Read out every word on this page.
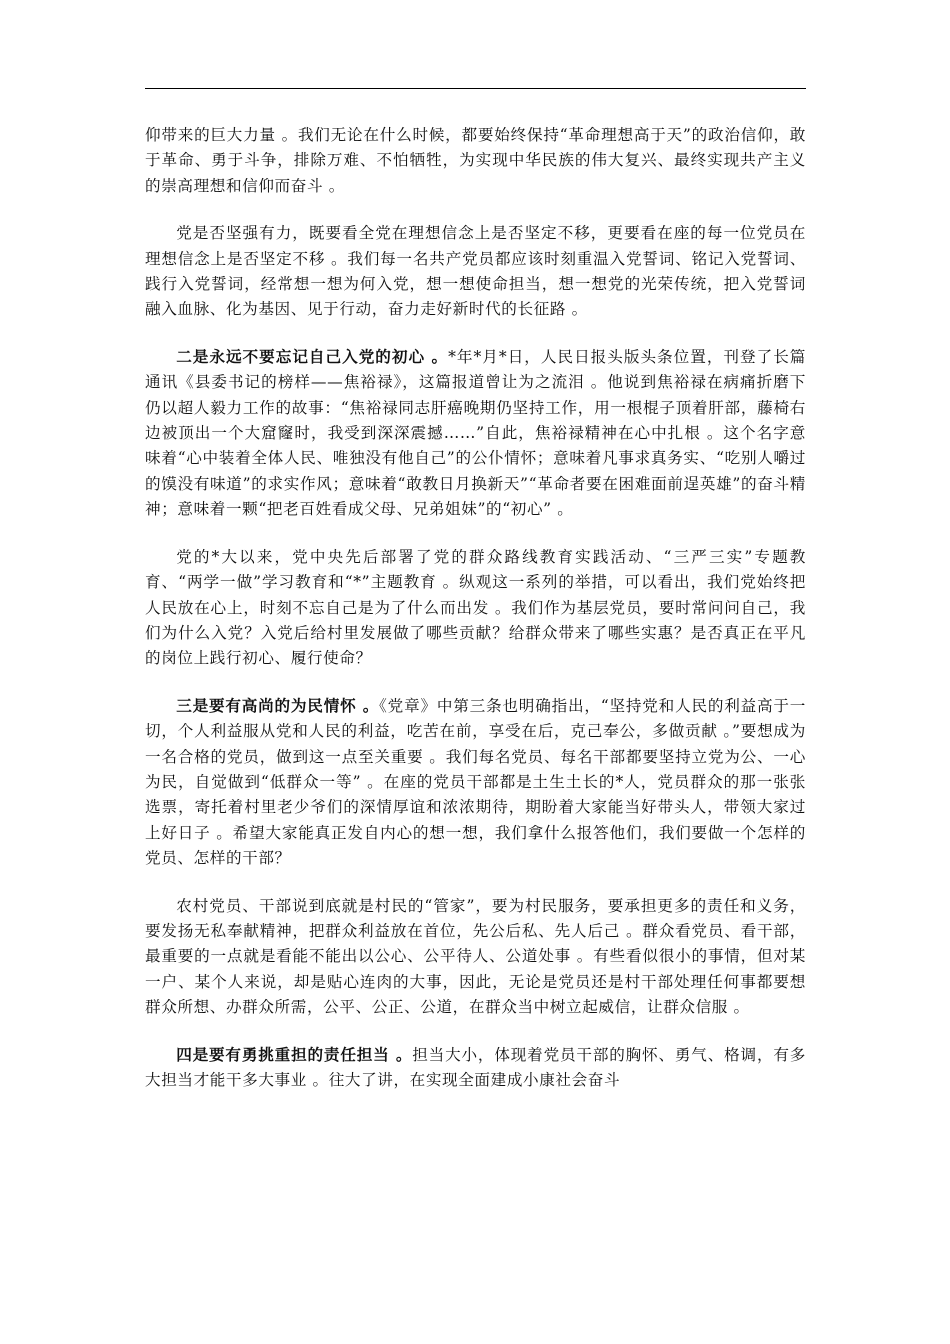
仰带来的巨大力量 。我们无论在什么时候，都要始终保持“革命理想高于天”的政治信仰，敢于革命、勇于斗争，排除万难、不怕牺牲，为实现中华民族的伟大复兴、最终实现共产主义的崇高理想和信仰而奋斗 。

党是否坚强有力，既要看全党在理想信念上是否坚定不移，更要看在座的每一位党员在理想信念上是否坚定不移 。我们每一名共产党员都应该时刻重温入党誓词、铭记入党誓词、践行入党誓词，经常想一想为何入党，想一想使命担当，想一想党的光荣传统，把入党誓词融入血脉、化为基因、见于行动，奋力走好新时代的长征路 。

二是永远不要忘记自己入党的初心 。*年*月*日，人民日报头版头条位置，刊登了长篇通讯《县委书记的榜样——焦裕禄》，这篇报道曾让为之流泪 。他说到焦裕禄在病痛折磨下仍以超人毅力工作的故事：“焦裕禄同志肝癌晚期仍坚持工作，用一根棍子顶着肝部，藤椅右边被顶出一个大窟窿时，我受到深深震撼……”自此，焦裕禄精神在心中扎根 。这个名字意味着“心中装着全体人民、唯独没有他自己”的公仆情怀；意味着凡事求真务实、“吃别人嚼过的馍没有味道”的求实作风；意味着“敢教日月换新天”“革命者要在困难面前逞英雄”的奋斗精神；意味着一颗“把老百姓看成父母、兄弟姐妹”的“初心” 。

党的*大以来，党中央先后部署了党的群众路线教育实践活动、“三严三实”专题教育、“两学一做”学习教育和“*”主题教育 。纵观这一系列的举措，可以看出，我们党始终把人民放在心上，时刻不忘自己是为了什么而出发 。我们作为基层党员，要时常问问自己，我们为什么入党？入党后给村里发展做了哪些贡献？给群众带来了哪些实惠？是否真正在平凡的岗位上践行初心、履行使命？

三是要有高尚的为民情怀 。《党章》中第三条也明确指出，“坚持党和人民的利益高于一切，个人利益服从党和人民的利益，吃苦在前，享受在后，克己奉公，多做贡献 。”要想成为一名合格的党员，做到这一点至关重要 。我们每名党员、每名干部都要坚持立党为公、一心为民，自觉做到“低群众一等” 。在座的党员干部都是土生土长的*人，党员群众的那一张张选票，寄托着村里老少爷们的深情厚谊和浓浓期待，期盼着大家能当好带头人，带领大家过上好日子 。希望大家能真正发自内心的想一想，我们拿什么报答他们，我们要做一个怎样的党员、怎样的干部？

农村党员、干部说到底就是村民的“管家”，要为村民服务，要承担更多的责任和义务，要发扬无私奉献精神，把群众利益放在首位，先公后私、先人后己 。群众看党员、看干部，最重要的一点就是看能不能出以公心、公平待人、公道处事 。有些看似很小的事情，但对某一户、某个人来说，却是贴心连肉的大事，因此，无论是党员还是村干部处理任何事都要想群众所想、办群众所需，公平、公正、公道，在群众当中树立起威信，让群众信服 。

四是要有勇挑重担的责任担当 。担当大小，体现着党员干部的胸怀、勇气、格调，有多大担当才能干多大事业 。往大了讲，在实现全面建成小康社会奋斗
